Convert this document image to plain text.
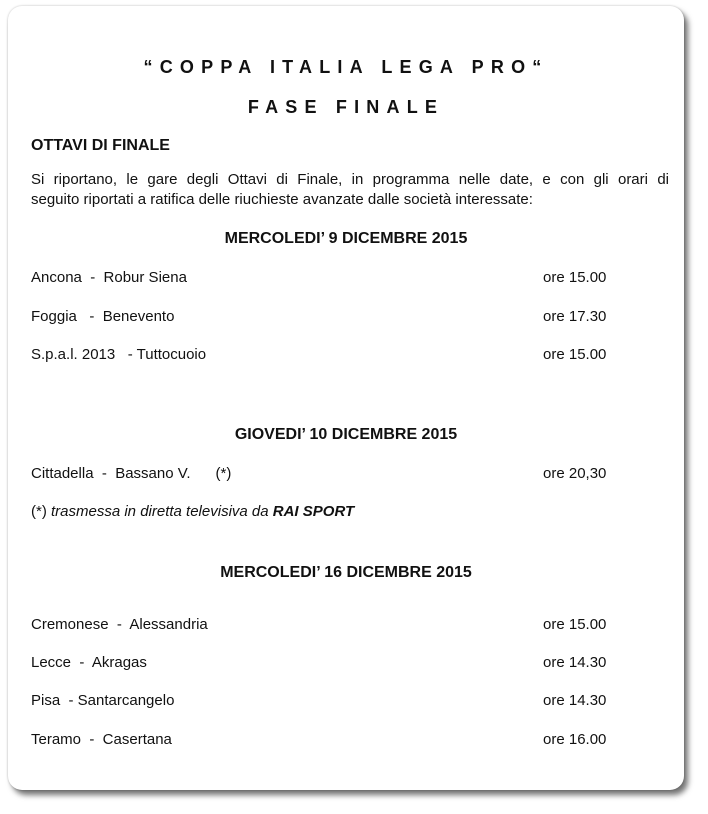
“COPPA ITALIA LEGA PRO“
FASE FINALE
OTTAVI DI FINALE
Si riportano, le gare degli Ottavi di Finale, in programma nelle date, e con gli orari di
seguito riportati a ratifica delle riuchieste avanzate dalle società interessate:
MERCOLEDI’ 9 DICEMBRE 2015
Ancona  -  Robur Siena	ore 15.00
Foggia   -  Benevento	ore 17.30
S.p.a.l. 2013   - Tuttocuoio	ore 15.00
GIOVEDI’ 10 DICEMBRE 2015
Cittadella  -  Bassano V.      (*)	ore 20,30
(*) trasmessa in diretta televisiva da RAI SPORT
MERCOLEDI’ 16 DICEMBRE 2015
Cremonese  -  Alessandria	ore 15.00
Lecce  -  Akragas	ore 14.30
Pisa  - Santarcangelo	ore 14.30
Teramo  -  Casertana	ore 16.00
